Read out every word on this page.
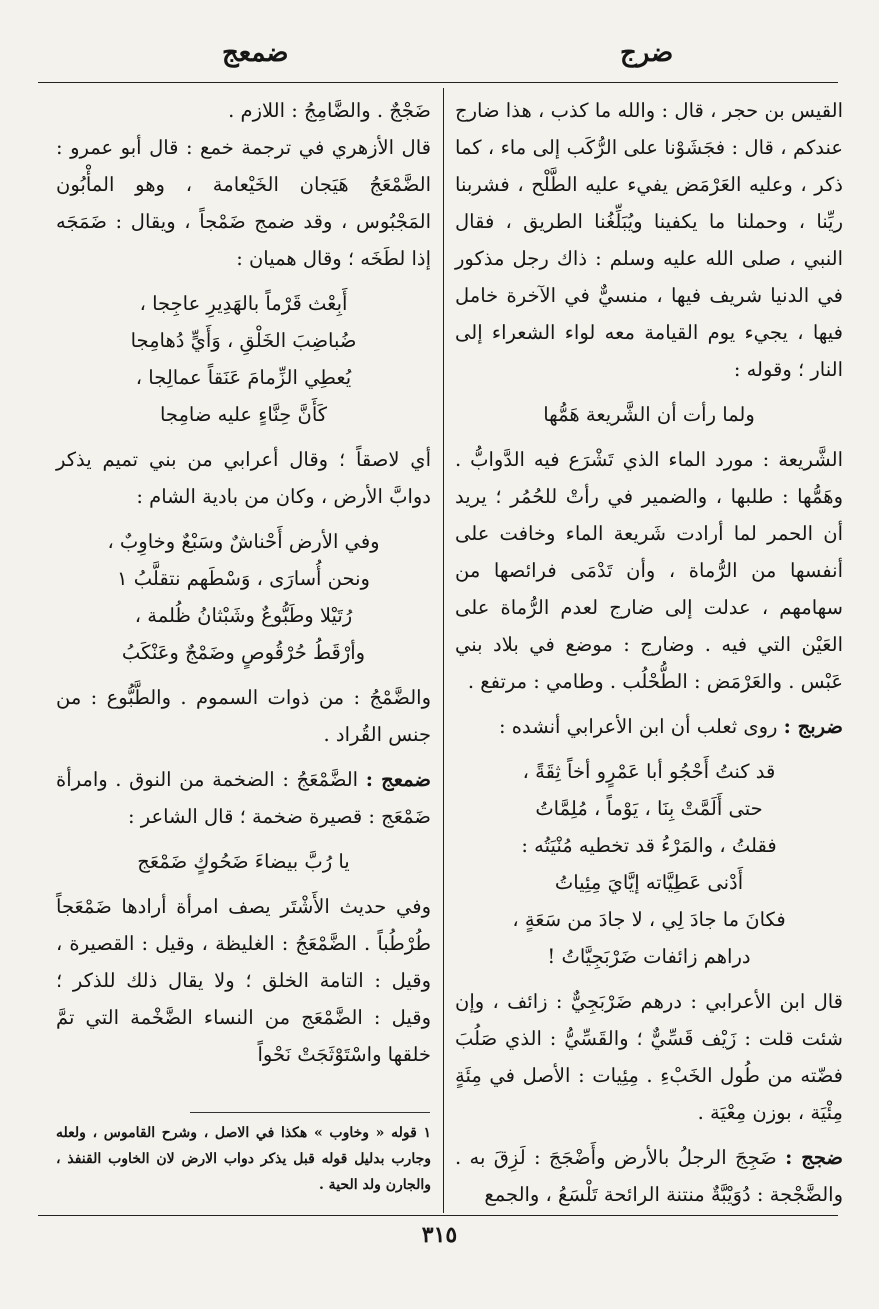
ضرج
ضمعج
القيس بن حجر ، قال : والله ما كذب ، هذا ضارج عندكم ، قال : فجَشَوْنا على الرُّكَب إلى ماء ، كما ذكر ، وعليه العَرْمَض يفيء عليه الطَّلْح ، فشربنا ريِّنا ، وحملنا ما يكفينا ويُبَلِّغُنا الطريق ، فقال النبي ، صلى الله عليه وسلم : ذاك رجل مذكور في الدنيا شريف فيها ، منسيٌّ في الآخرة خامل فيها ، يجيء يوم القيامة معه لواء الشعراء إلى النار ؛ وقوله :
ولما رأت أن الشَّريعة هَمُّها
الشَّريعة : مورد الماء الذي تَشْرَع فيه الدَّوابُّ . وهَمُّها : طلبها ، والضمير في رأتْ للحُمُر ؛ يريد أن الحمر لما أرادت شَريعة الماء وخافت على أنفسها من الرُّماة ، وأن تَدْمَى فرائصها من سهامهم ، عدلت إلى ضارج لعدم الرُّماة على العَيْن التي فيه . وضارج : موضع في بلاد بني عَبْس . والعَرْمَض : الطُّحْلُب . وطامي : مرتفع .
ضربج : روى ثعلب أن ابن الأعرابي أنشده :
قد كنتُ أَحْجُو أبا عَمْرٍو أخاً ثِقَةً ،
حتى أَلَمَّتْ بِنَا ، يَوْماً ، مُلِمَّاتُ
فقلتُ ، والمَرْءُ قد تخطيه مُنْيَتُه :
أَدْنى عَطِيَّاته إيَّايَ مِئِياتُ
فكانَ ما جادَ لِي ، لا جادَ من سَعَةٍ ،
دراهم زائفات ضَرْبَجِيَّاتُ !
قال ابن الأعرابي : درهم ضَرْبَجِيٌّ : زائف ، وإن شئت قلت : زَيْف قَسِّيٌّ ؛ والقَسِّيُّ : الذي صَلُبَ فضّته من طُول الخَبْءِ . مِئِيات : الأصل في مِئَةٍ مِئْيَة ، بوزن مِعْيَة .
ضجج : ضَجِجَ الرجلُ بالأرض وأَضْجَجَ : لَزِقَ به . والضَّجْجة : دُوَيْبَّةٌ منتنة الرائحة تَلْسَعُ ، والجمع
ضَجْجٌ . والضَّامِجُ : اللازم .
قال الأزهري في ترجمة خمع : قال أبو عمرو : الضَّمْعَجُ هَيَجان الخَيْعامة ، وهو المأْبُون المَجْبُوس ، وقد ضمج ضَمْجاً ، ويقال : ضَمَجَه إذا لطَخَه ؛ وقال هميان :
أَبِعْث قَرْماً بالهَدِيرِ عاجِجا ،
ضُباضِبَ الخَلْقِ ، وَأَيٍّ دُهامِجا
يُعطِي الزِّمامَ عَنَقاً عمالِجا ،
كَأَنَّ حِنَّاءٍ عليه ضامِجا
أي لاصقاً ؛ وقال أعرابي من بني تميم يذكر دوابَّ الأرض ، وكان من بادية الشام :
وفي الأرض أَحْناشٌ وسَبْعٌ وخاوِبٌ ،
ونحن أُسارَى ، وَسْطَهم نتقلَّبُ ١
رُتَيْلا وطَبُّوعٌ وشَبْثانُ ظُلمة ،
وأرْقَطُ حُرْقُوصٍ وضَمْجٌ وعَنْكَبُ
والضَّمْجُ : من ذوات السموم . والطَّبُّوع : من جنس القُراد .
ضمعج : الضَّمْعَجُ : الضخمة من النوق . وامرأة ضَمْعَج : قصيرة ضخمة ؛ قال الشاعر :
يا رُبَّ بيضاءَ ضَحُوكٍ ضَمْعَج
وفي حديث الأَشْتَر يصف امرأة أرادها ضَمْعَجاً طُرْطُباً . الضَّمْعَجُ : الغليظة ، وقيل : القصيرة ، وقيل : التامة الخلق ؛ ولا يقال ذلك للذكر ؛ وقيل : الضَّمْعَج من النساء الضَّخْمة التي تمَّ خلقها واسْتَوْثَجَتْ نَحْواً
١ قوله « وخاوب » هكذا في الاصل ، وشرح القاموس ، ولعله وجارب بدليل قوله قبل يذكر دواب الارض لان الخاوب القنفذ ، والجارن ولد الحية .
٣١٥
